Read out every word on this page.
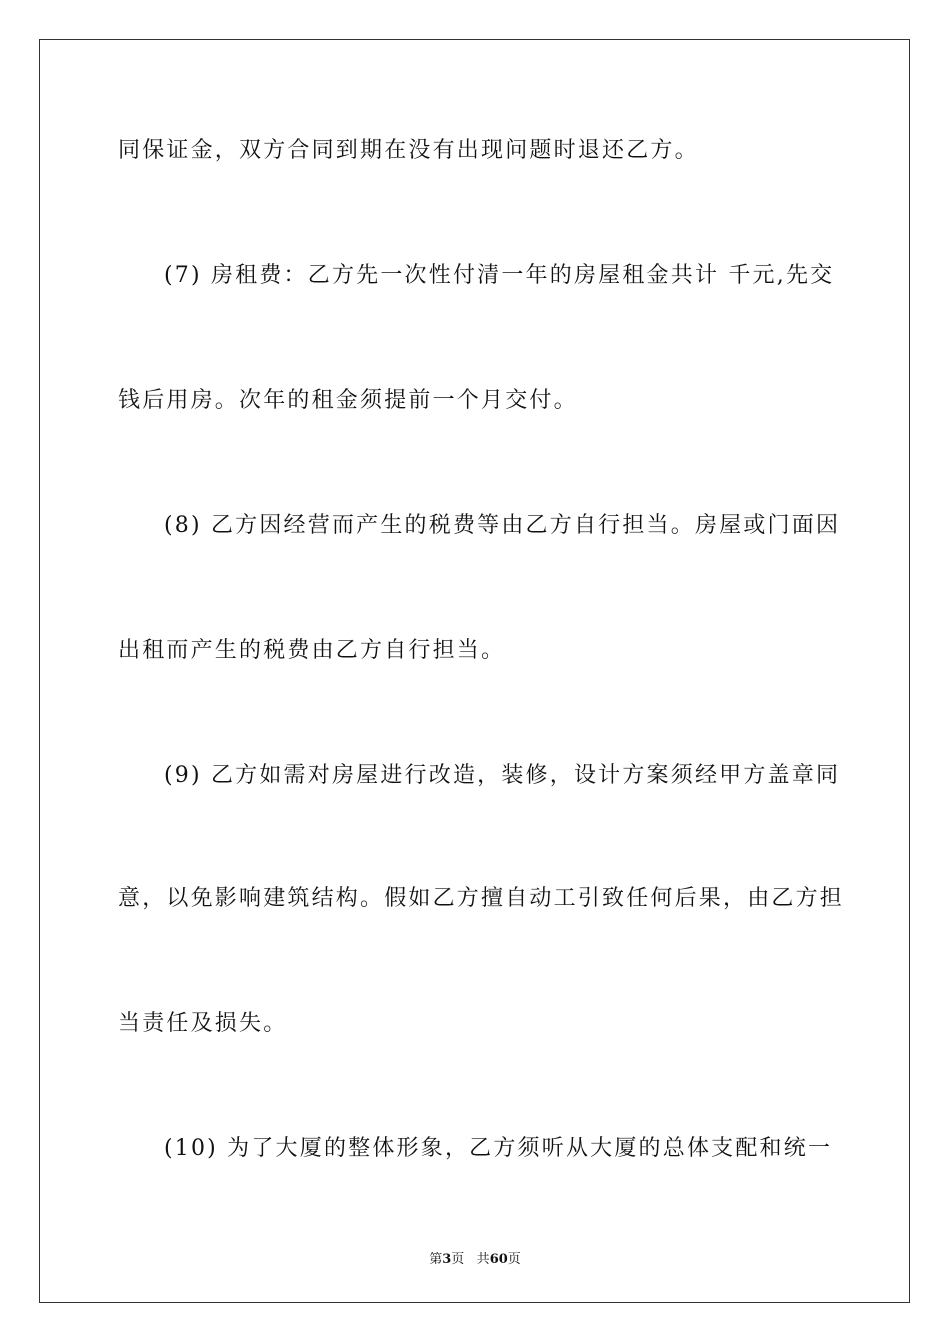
同保证金，双方合同到期在没有出现问题时退还乙方。
(7) 房租费：乙方先一次性付清一年的房屋租金共计 千元,先交
钱后用房。次年的租金须提前一个月交付。
(8) 乙方因经营而产生的税费等由乙方自行担当。房屋或门面因
出租而产生的税费由乙方自行担当。
(9) 乙方如需对房屋进行改造，装修，设计方案须经甲方盖章同
意，以免影响建筑结构。假如乙方擅自动工引致任何后果，由乙方担
当责任及损失。
(10) 为了大厦的整体形象，乙方须听从大厦的总体支配和统一
第3页 共60页
